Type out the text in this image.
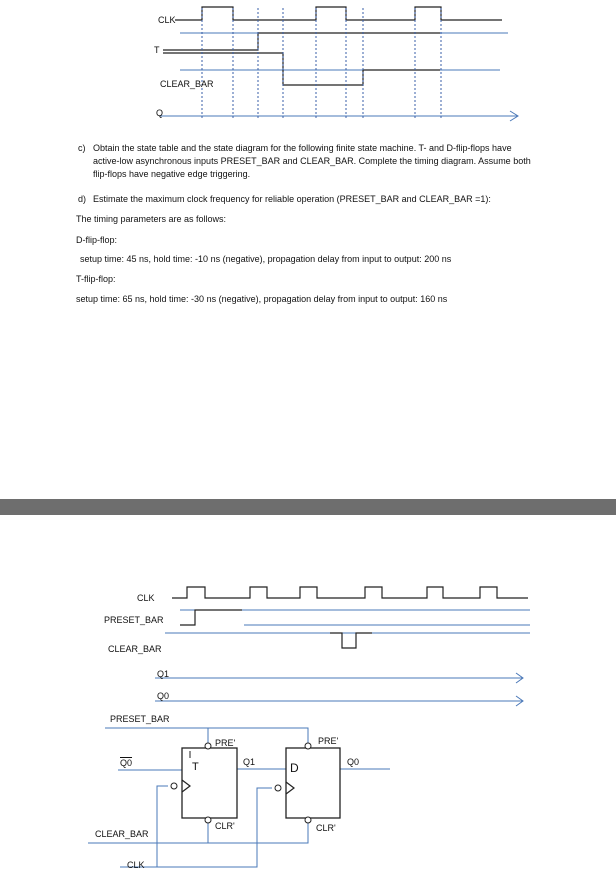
CLK
T
CLEAR_BAR
Q
c) Obtain the state table and the state diagram for the following finite state machine. T- and D-flip-flops have active-low asynchronous inputs PRESET_BAR and CLEAR_BAR. Complete the timing diagram. Assume both flip-flops have negative edge triggering.
d) Estimate the maximum clock frequency for reliable operation (PRESET_BAR and CLEAR_BAR =1):
The timing parameters are as follows:
D-flip-flop:
setup time: 45 ns, hold time: -10 ns (negative), propagation delay from input to output: 200 ns
T-flip-flop:
setup time: 65 ns, hold time: -30 ns (negative), propagation delay from input to output: 160 ns
CLK
PRESET_BAR
CLEAR_BAR
Q1
Q0
PRESET_BAR
Q0
CLEAR_BAR
CLK
PRE'
T
CLR'
Q1
PRE'
D
CLR'
Q0
